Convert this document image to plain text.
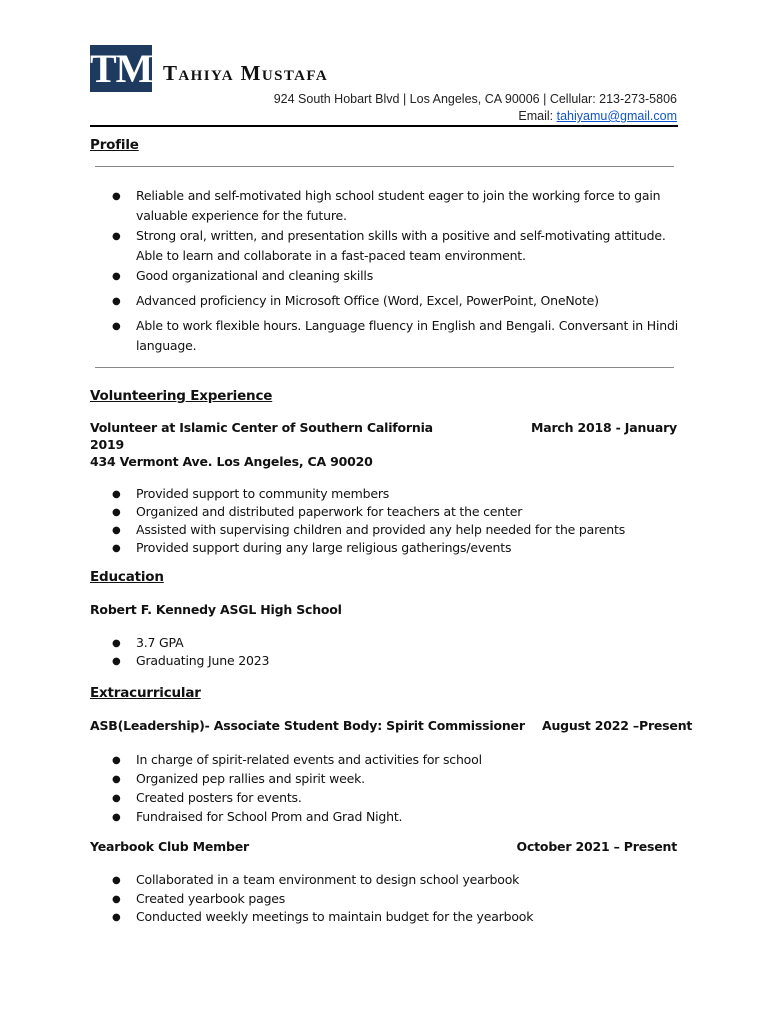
TM Tahiya Mustafa
924 South Hobart Blvd | Los Angeles, CA 90006 | Cellular: 213-273-5806
Email: tahiyamu@gmail.com
Profile
● Reliable and self-motivated high school student eager to join the working force to gain valuable experience for the future.
● Strong oral, written, and presentation skills with a positive and self-motivating attitude. Able to learn and collaborate in a fast-paced team environment.
● Good organizational and cleaning skills
● Advanced proficiency in Microsoft Office (Word, Excel, PowerPoint, OneNote)
● Able to work flexible hours. Language fluency in English and Bengali. Conversant in Hindi language.
Volunteering Experience
Volunteer at Islamic Center of Southern California	March 2018 - January
2019
434 Vermont Ave. Los Angeles, CA 90020
● Provided support to community members
● Organized and distributed paperwork for teachers at the center
● Assisted with supervising children and provided any help needed for the parents
● Provided support during any large religious gatherings/events
Education
Robert F. Kennedy ASGL High School
● 3.7 GPA
● Graduating June 2023
Extracurricular
ASB(Leadership)- Associate Student Body: Spirit Commissioner August 2022 –Present
● In charge of spirit-related events and activities for school
● Organized pep rallies and spirit week.
● Created posters for events.
● Fundraised for School Prom and Grad Night.
Yearbook Club Member	October 2021 – Present
● Collaborated in a team environment to design school yearbook
● Created yearbook pages
● Conducted weekly meetings to maintain budget for the yearbook
